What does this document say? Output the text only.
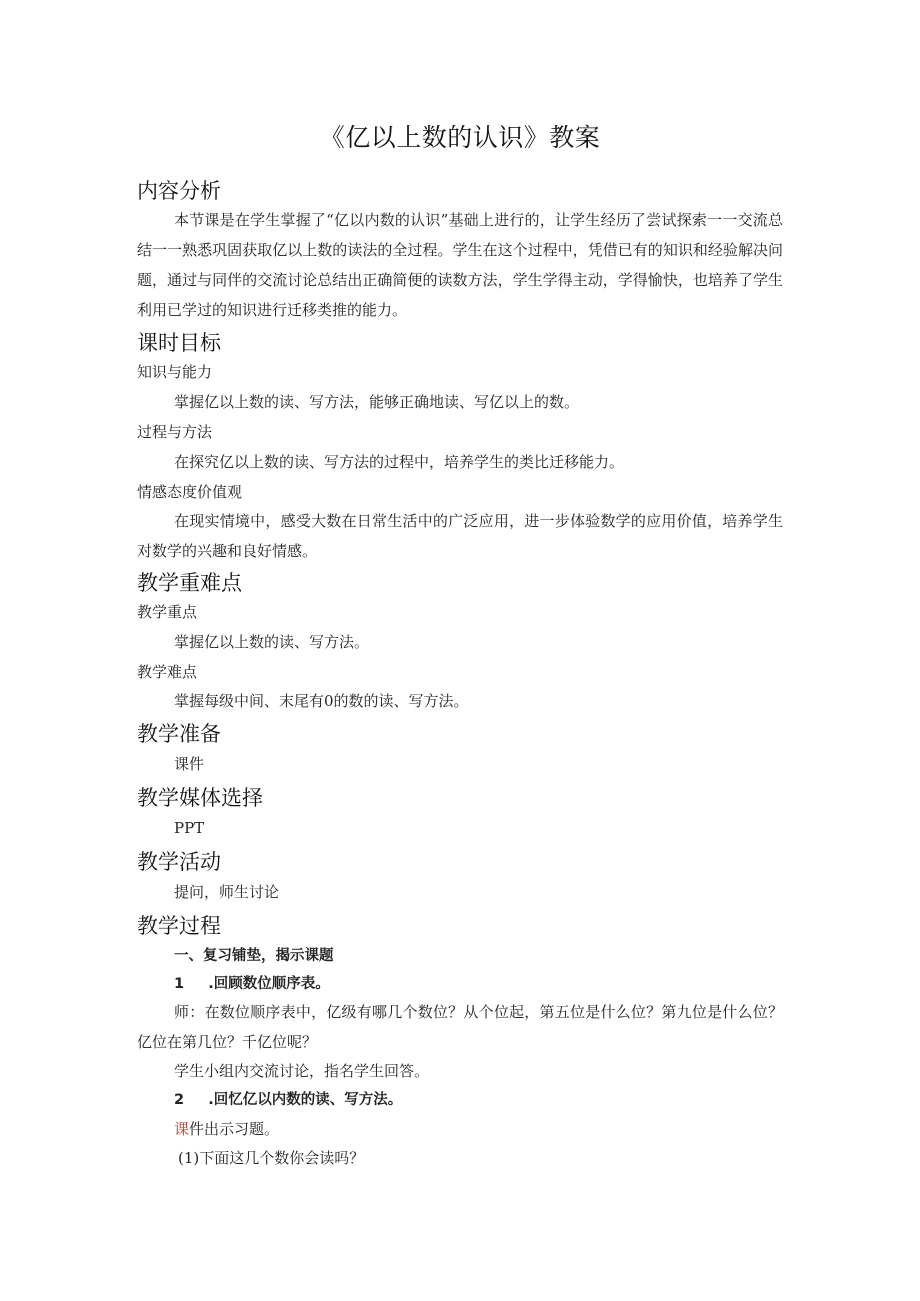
《亿以上数的认识》教案
内容分析
本节课是在学生掌握了“亿以内数的认识”基础上进行的，让学生经历了尝试探索一一交流总结一一熟悉巩固获取亿以上数的读法的全过程。学生在这个过程中，凭借已有的知识和经验解决问题，通过与同伴的交流讨论总结出正确简便的读数方法，学生学得主动，学得愉快，也培养了学生利用已学过的知识进行迁移类推的能力。
课时目标
知识与能力
掌握亿以上数的读、写方法，能够正确地读、写亿以上的数。
过程与方法
在探究亿以上数的读、写方法的过程中，培养学生的类比迁移能力。
情感态度价值观
在现实情境中，感受大数在日常生活中的广泛应用，进一步体验数学的应用价值，培养学生对数学的兴趣和良好情感。
教学重难点
教学重点
掌握亿以上数的读、写方法。
教学难点
掌握每级中间、末尾有0的数的读、写方法。
教学准备
课件
教学媒体选择
PPT
教学活动
提问，师生讨论
教学过程
一、复习铺垫，揭示课题
1 .回顾数位顺序表。
师：在数位顺序表中，亿级有哪几个数位？从个位起，第五位是什么位？第九位是什么位？亿位在第几位？千亿位呢？
学生小组内交流讨论，指名学生回答。
2 .回忆亿以内数的读、写方法。
课件出示习题。
(1)下面这几个数你会读吗？
